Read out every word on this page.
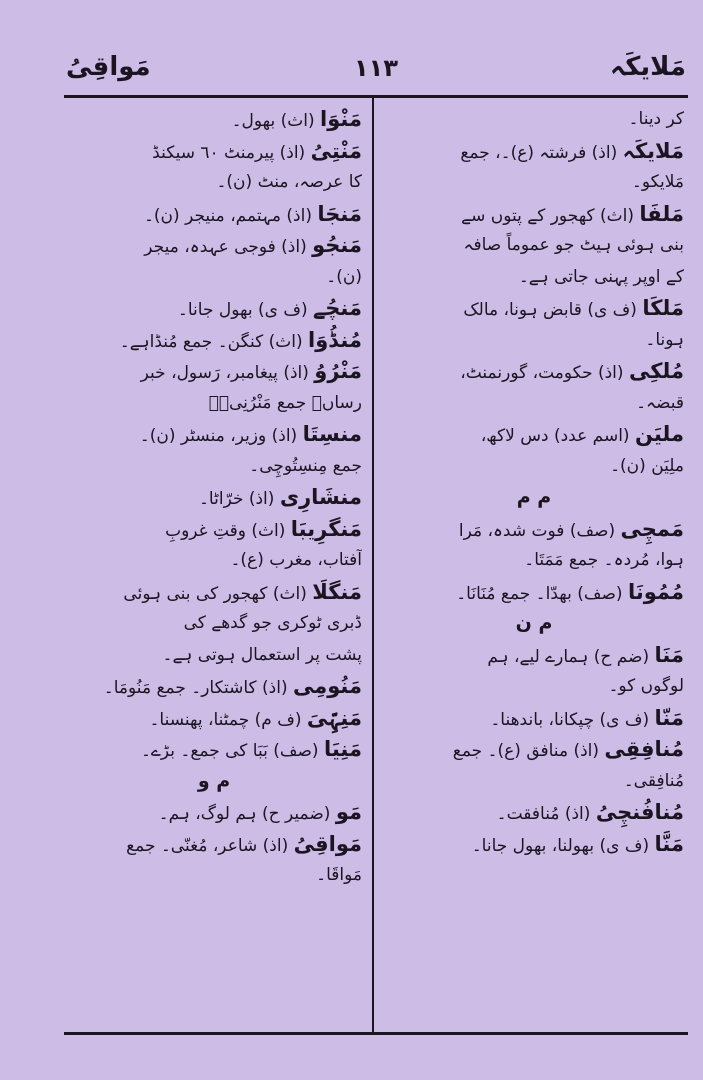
مَواقِیُ	۱۱۳	مَلایکَہ
مَنْوَا (اث) بھول۔
مَنْتِیُ (اذ) پیرمنٹ ٦٠ سیکنڈ
کا عرصہ، منٹ (ن)۔
مَنجَا (اذ) مہتمم، منیجر (ن)۔
مَنجُو (اذ) فوجی عہدہ، میجر
(ن)۔
مَنچُے (ف ی) بھول جانا۔
مُنڈُوَا (اث) کنگن۔ جمع مُنڈاہے۔
مَنْرُوُ (اذ) پیغامبر، رَسول، خبر
رساں۔ جمع مَنْرُنِیؔ۔
منسِتَا (اذ) وزیر، منسٹر (ن)۔
جمع مِنسِتُوچِی۔
منشَارِی (اذ) خرّاٹا۔
مَنگرِیبَا (اث) وقتِ غروبِ
آفتاب، مغرب (ع)۔
مَنگلَا (اث) کھجور کی بنی ہوئی
ڈبری ٹوکری جو گدھے کی
پشت پر استعمال ہوتی ہے۔
مَنُومِی (اذ) کاشتکار۔ جمع مَنُومَا۔
مَنِہِّیَ (ف م) چمٹنا، پھنسنا۔
مَنِیَا (صف) بَبَا کی جمع۔ بڑے۔
م و
مَو (ضمیر ح) ہم لوگ، ہم۔
مَواقِیُ (اذ) شاعر، مُغنّی۔ جمع
مَواقَا۔
کر دینا۔
مَلایکَہ (اذ) فرشتہ (ع)۔، جمع
مَلایکو۔
مَلفَا (اث) کھجور کے پتوں سے
بنی ہوئی ہیٹ جو عموماً صافہ
کے اوپر پہنی جاتی ہے۔
مَلکَا (ف ی) قابض ہونا، مالک
ہونا۔
مُلکِی (اذ) حکومت، گورنمنٹ،
قبضہ۔
ملیَن (اسم عدد) دس لاکھ،
ملِیَن (ن)۔
م م
مَمچِی (صف) فوت شدہ، مَرا
ہوا، مُردہ۔ جمع مَمَتَا۔
مُمُونَا (صف) بھدّا۔ جمع مُنَانَا۔
م ن
مَنَا (ضم ح) ہمارے لیے، ہم
لوگوں کو۔
مَنّا (ف ی) چپکانا، باندھنا۔
مُنافِقِی (اذ) منافق (ع)۔ جمع
مُنافِقی۔
مُنافُنچِیُ (اذ) مُنافقت۔
مَنَّا (ف ی) بھولنا، بھول جانا۔
